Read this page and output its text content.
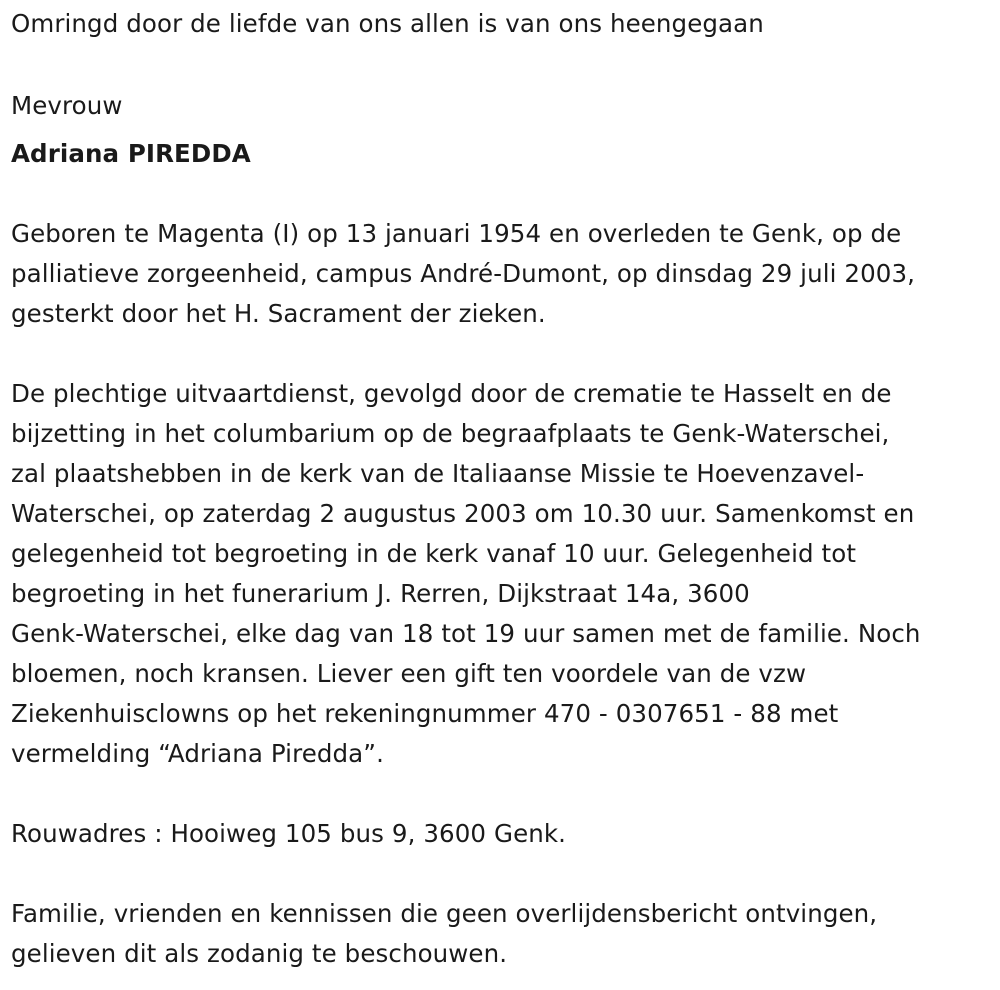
Omringd door de liefde van ons allen is van ons heengegaan
Mevrouw
Adriana PIREDDA
Geboren te Magenta (I) op 13 januari 1954 en overleden te Genk, op de
palliatieve zorgeenheid, campus André-Dumont, op dinsdag 29 juli 2003,
gesterkt door het H. Sacrament der zieken.
De plechtige uitvaartdienst, gevolgd door de crematie te Hasselt en de
bijzetting in het columbarium op de begraafplaats te Genk-Waterschei,
zal plaatshebben in de kerk van de Italiaanse Missie te Hoevenzavel-
Waterschei, op zaterdag 2 augustus 2003 om 10.30 uur. Samenkomst en
gelegenheid tot begroeting in de kerk vanaf 10 uur. Gelegenheid tot
begroeting in het funerarium J. Rerren, Dijkstraat 14a, 3600
Genk-Waterschei, elke dag van 18 tot 19 uur samen met de familie. Noch
bloemen, noch kransen. Liever een gift ten voordele van de vzw
Ziekenhuisclowns op het rekeningnummer 470 - 0307651 - 88 met
vermelding “Adriana Piredda”.
Rouwadres : Hooiweg 105 bus 9, 3600 Genk.
Familie, vrienden en kennissen die geen overlijdensbericht ontvingen,
gelieven dit als zodanig te beschouwen.
